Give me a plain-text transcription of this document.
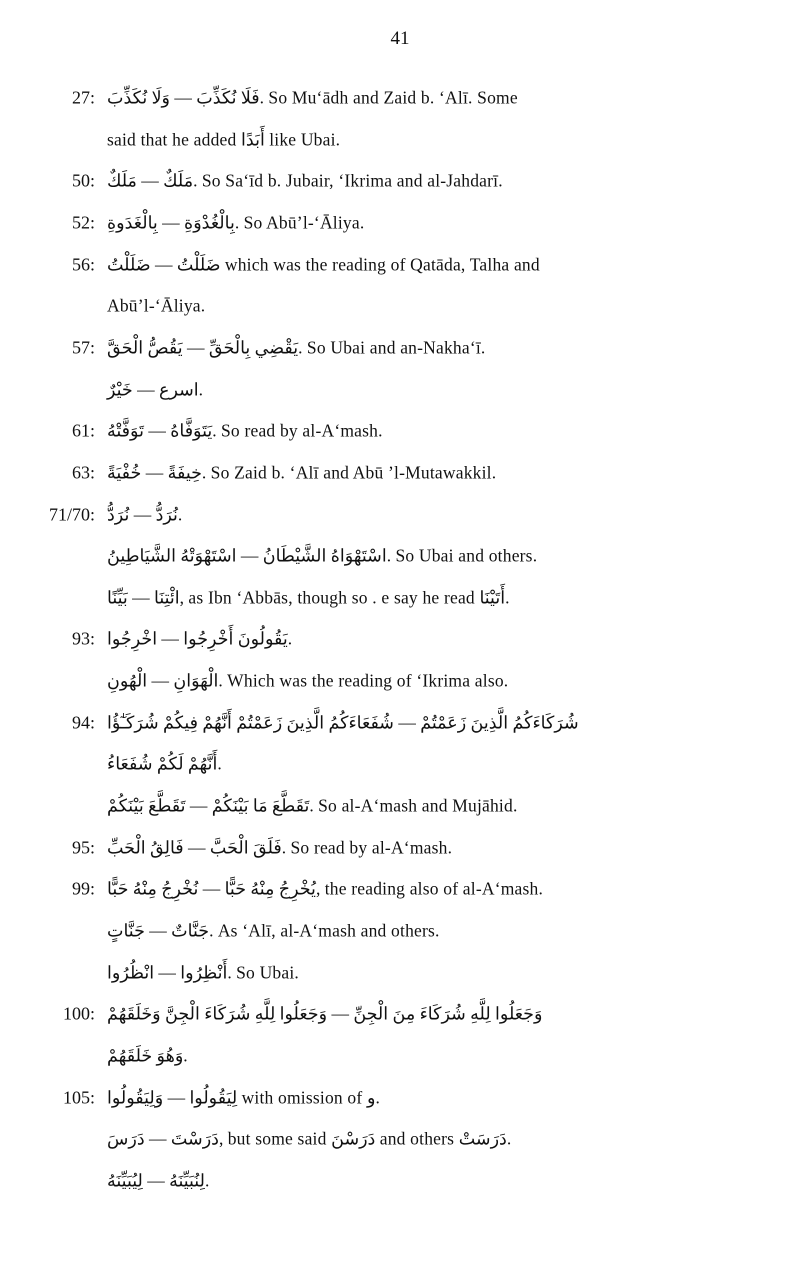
41
27: فَلَا نُكَذِّبَ — وَلَا نُكَذِّبَ. So Mu‘ādh and Zaid b. ‘Alī. Some
said that he added أَبَدًا like Ubai.
50: مَلَكٌ — مَلَكٌ. So Sa‘īd b. Jubair, ‘Ikrima and al-Jahdarī.
52: بِالْغُدْوَةِ — بِالْغَدَوةِ. So Abū’l-‘Āliya.
56: ضَلَلْتُ — ضَلَلْتُ which was the reading of Qatāda, Talha and
Abū’l-‘Āliya.
57: يَقْضِي بِالْحَقِّ — يَقُصُّ الْحَقَّ. So Ubai and an-Nakha‘ī.
اسرع — خَيْرٌ.
61: يَتَوَفَّاهُ — تَوَفَّتْهُ. So read by al-A‘mash.
63: خِيفَةً — خُفْيَةً. So Zaid b. ‘Alī and Abū ’l-Mutawakkil.
71/70: نُرَدُّ — نُرَدُّ.
اسْتَهْوَاهُ الشَّيْطَانُ — اسْتَهْوَتْهُ الشَّيَاطِينُ. So Ubai and others.
ائْتِنَا — بَيِّنًا, as Ibn ‘Abbās, though so . e say he read أَتَيْنَا.
93: يَقُولُونَ أَخْرِجُوا — اخْرِجُوا.
الْهَوَانِ — الْهُونِ. Which was the reading of ‘Ikrima also.
94: شُرَكَاءَكُمُ الَّذِينَ زَعَمْتُمْ — شُفَعَاءَكُمُ الَّذِينَ زَعَمْتُمْ أَنَّهُمْ فِيكُمْ شُرَكَـٰٓؤُا
أَنَّهُمْ لَكُمْ شُفَعَاءُ.
تَقَطَّعَ مَا بَيْنَكُمْ — تَقَطَّعَ بَيْنَكُمْ. So al-A‘mash and Mujāhid.
95: فَلَقَ الْحَبَّ — فَالِقُ الْحَبِّ. So read by al-A‘mash.
99: يُخْرِجُ مِنْهُ حَبًّا — نُخْرِجُ مِنْهُ حَبًّا, the reading also of al-A‘mash.
جَنَّاتٌ — جَنَّاتٍ. As ‘Alī, al-A‘mash and others.
أَنْظِرُوا — انْظُرُوا. So Ubai.
100: وَجَعَلُوا لِلَّهِ شُرَكَاءَ مِنَ الْجِنِّ — وَجَعَلُوا لِلَّهِ شُرَكَاءَ الْجِنَّ وَخَلَقَهُمْ
وَهُوَ خَلَقَهُمْ.
105: لِيَقُولُوا — وَلِيَقُولُوا with omission of و.
دَرَسْتَ — دَرَسَ, but some said دَرَسْنَ and others دَرَسَتْ.
لِنُبَيِّنَهُ — لِيُبَيِّنَهُ.
